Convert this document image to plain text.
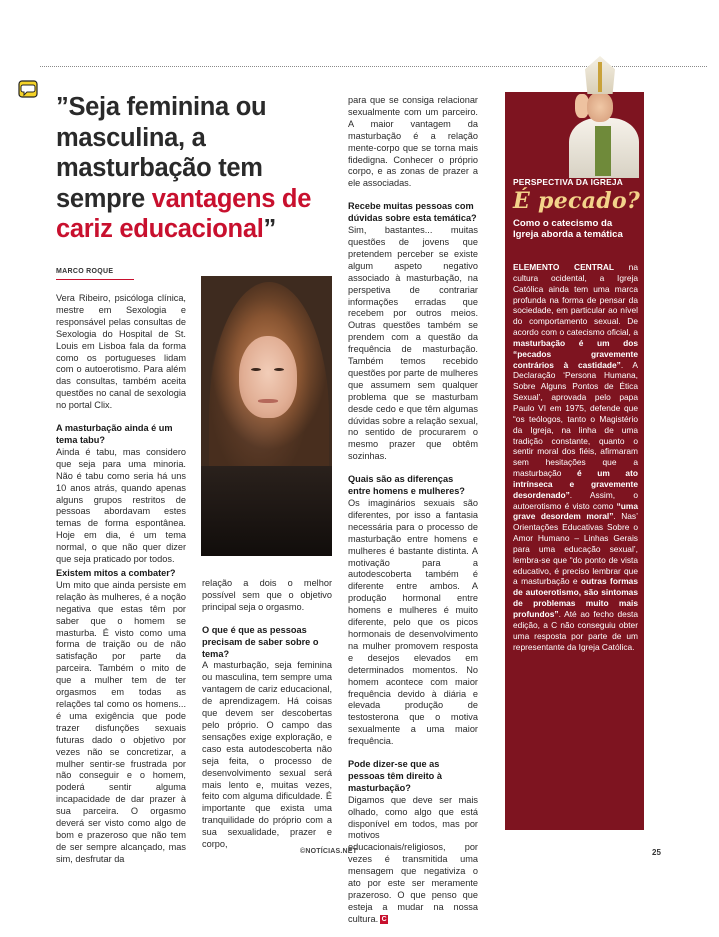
”Seja feminina ou masculina, a masturbação tem sempre vantagens de cariz educacional”
MARCO ROQUE

Vera Ribeiro, psicóloga clínica, mestre em Sexologia e responsável pelas consultas de Sexologia do Hospital de St. Louis em Lisboa fala da forma como os portugueses lidam com o autoerotismo. Para além das consultas, também aceita questões no canal de sexologia no portal Clix.

A masturbação ainda é um tema tabu?
Ainda é tabu, mas considero que seja para uma minoria. Não é tabu como seria há uns 10 anos atrás, quando apenas alguns grupos restritos de pessoas abordavam estes temas de forma espontânea. Hoje em dia, é um tema normal, o que não quer dizer que seja praticado por todos.
Existem mitos a combater?
Um mito que ainda persiste em relação às mulheres, é a noção negativa que estas têm por saber que o homem se masturba. É visto como uma forma de traição ou de não satisfação por parte da parceira. Também o mito de que a mulher tem de ter orgasmos em todas as relações tal como os homens... é uma exigência que pode trazer disfunções sexuais futuras dado o objetivo por vezes não se concretizar, a mulher sentir-se frustrada por não conseguir e o homem, poderá sentir alguma incapacidade de dar prazer à sua parceira. O orgasmo deverá ser visto como algo de bom e prazeroso que não tem de ser sempre alcançado, mas sim, desfrutar da

relação a dois o melhor possível sem que o objetivo principal seja o orgasmo.

O que é que as pessoas precisam de saber sobre o tema?
A masturbação, seja feminina ou masculina, tem sempre uma vantagem de cariz educacional, de aprendizagem. Há coisas que devem ser descobertas pelo próprio. O campo das sensações exige exploração, e caso esta autodescoberta não seja feita, o processo de desenvolvimento sexual será mais lento e, muitas vezes, feito com alguma dificuldade. É importante que exista uma tranquilidade do próprio com a sua sexualidade, prazer e corpo,

para que se consiga relacionar sexualmente com um parceiro. A maior vantagem da masturbação é a relação mente-corpo que se torna mais fidedigna. Conhecer o próprio corpo, e as zonas de prazer a ele associadas.

Recebe muitas pessoas com dúvidas sobre esta temática?
Sim, bastantes... muitas questões de jovens que pretendem perceber se existe algum aspeto negativo associado à masturbação, na perspetiva de contrariar informações erradas que recebem por outros meios. Outras questões também se prendem com a questão da frequência de masturbação. Também temos recebido questões por parte de mulheres que assumem sem qualquer problema que se masturbam desde cedo e que têm algumas dúvidas sobre a relação sexual, no sentido de procurarem o mesmo prazer que obtêm sozinhas.
Quais são as diferenças entre homens e mulheres?
Os imaginários sexuais são diferentes, por isso a fantasia necessária para o processo de masturbação entre homens e mulheres é bastante distinta. A motivação para a autodescoberta também é diferente entre ambos. A produção hormonal entre homens e mulheres é muito diferente, pelo que os picos hormonais de desenvolvimento na mulher promovem resposta e desejos elevados em determinados momentos. No homem acontece com maior frequência devido à diária e elevada produção de testosterona que o motiva sexualmente a uma maior frequência.
Pode dizer-se que as pessoas têm direito à masturbação?
Digamos que deve ser mais olhado, como algo que está disponível em todos, mas por motivos educacionais/religiosos, por vezes é transmitida uma mensagem que negativiza o ato por este ser meramente prazeroso. O que penso que esteja a mudar na nossa cultura. C
PERSPECTIVA DA IGREJA
É pecado?
Como o catecismo da Igreja aborda a temática
ELEMENTO CENTRAL na cultura ocidental, a Igreja Católica ainda tem uma marca profunda na forma de pensar da sociedade, em particular ao nível do comportamento sexual. De acordo com o catecismo oficial, a masturbação é um dos “pecados gravemente contrários à castidade”. A Declaração ‘Persona Humana, Sobre Alguns Pontos de Ética Sexual’, aprovada pelo papa Paulo VI em 1975, defende que “os teólogos, tanto o Magistério da Igreja, na linha de uma tradição constante, quanto o sentir moral dos fiéis, afirmaram sem hesitações que a masturbação é um ato intrínseca e gravemente desordenado”. Assim, o autoerotismo é visto como “uma grave desordem moral”. Nas’ Orientações Educativas Sobre o Amor Humano – Linhas Gerais para uma educação sexual’, lembra-se que “do ponto de vista educativo, é preciso lembrar que a masturbação e outras formas de autoerotismo, são sintomas de problemas muito mais profundos”. Até ao fecho desta edição, a C não conseguiu obter uma resposta por parte de um representante da Igreja Católica.
©NOTÍCIAS.NET	25
